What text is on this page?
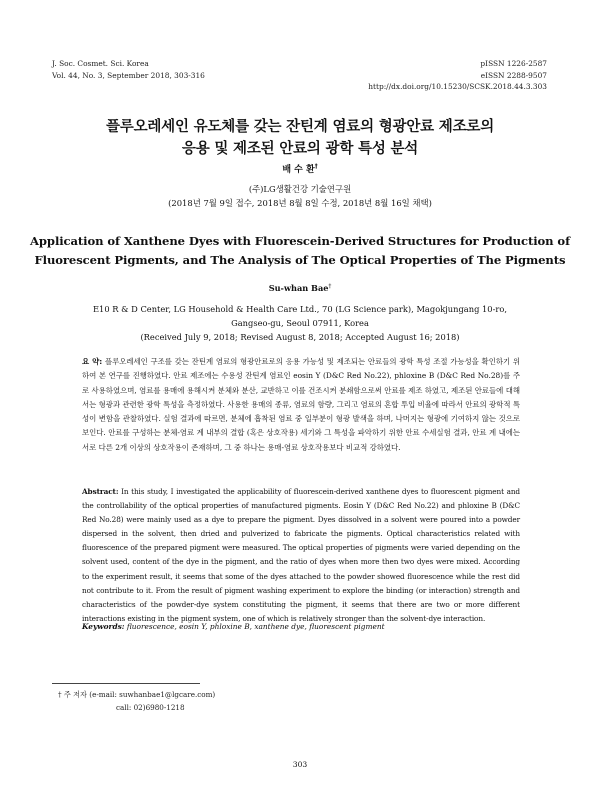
J. Soc. Cosmet. Sci. Korea
Vol. 44, No. 3, September 2018, 303-316
pISSN 1226-2587
eISSN 2288-9507
http://dx.doi.org/10.15230/SCSK.2018.44.3.303
플루오레세인 유도체를 갖는 잔틴계 염료의 형광안료 제조로의
응용 및 제조된 안료의 광학 특성 분석
배 수 환†
(주)LG생활건강 기술연구원
(2018년 7월 9일 접수, 2018년 8월 8일 수정, 2018년 8월 16일 채택)
Application of Xanthene Dyes with Fluorescein-Derived Structures for Production of
Fluorescent Pigments, and The Analysis of The Optical Properties of The Pigments
Su-whan Bae†
E10 R & D Center, LG Household & Health Care Ltd., 70 (LG Science park), Magokjungang 10-ro,
Gangseo-gu, Seoul 07911, Korea
(Received July 9, 2018; Revised August 8, 2018; Accepted August 16; 2018)
요 약: 플루오레세인 구조를 갖는 잔틴계 염료의 형광안료로의 응용 가능성 및 제조되는 안료들의 광학 특성 조절 가능성을 확인하기 위하여 본 연구를 진행하였다. 안료 제조에는 수용성 잔틴계 염료인 eosin Y (D&C Red No.22), phloxine B (D&C Red No.28)를 주로 사용하였으며, 염료를 용매에 용해시켜 분체와 분산, 교반하고 이를 건조시켜 분쇄함으로써 안료를 제조 하였고, 제조된 안료들에 대해서는 형광과 관련한 광학 특성을 측정하였다. 사용한 용매의 종류, 염료의 함량, 그리고 염료의 혼합 투입 비율에 따라서 안료의 광학적 특성이 변함을 관찰하였다. 실험 결과에 따르면, 분체에 흡착된 염료 중 일부분이 형광 발색을 하며, 나머지는 형광에 기여하지 않는 것으로 보인다. 안료를 구성하는 분체-염료 계 내부의 결합 (혹은 상호작용) 세기와 그 특성을 파악하기 위한 안료 수세실험 결과, 안료 계 내에는 서로 다른 2개 이상의 상호작용이 존재하며, 그 중 하나는 용매-염료 상호작용보다 비교적 강하였다.
Abstract: In this study, I investigated the applicability of fluorescein-derived xanthene dyes to fluorescent pigment and the controllability of the optical properties of manufactured pigments. Eosin Y (D&C Red No.22) and phloxine B (D&C Red No.28) were mainly used as a dye to prepare the pigment. Dyes dissolved in a solvent were poured into a powder dispersed in the solvent, then dried and pulverized to fabricate the pigments. Optical characteristics related with fluorescence of the prepared pigment were measured. The optical properties of pigments were varied depending on the solvent used, content of the dye in the pigment, and the ratio of dyes when more then two dyes were mixed. According to the experiment result, it seems that some of the dyes attached to the powder showed fluorescence while the rest did not contribute to it. From the result of pigment washing experiment to explore the binding (or interaction) strength and characteristics of the powder-dye system constituting the pigment, it seems that there are two or more different interactions existing in the pigment system, one of which is relatively stronger than the solvent-dye interaction.
Keywords: fluorescence, eosin Y, phloxine B, xanthene dye, fluorescent pigment
† 주 저자 (e-mail: suwhanbae1@lgcare.com)
call: 02)6980-1218
303
